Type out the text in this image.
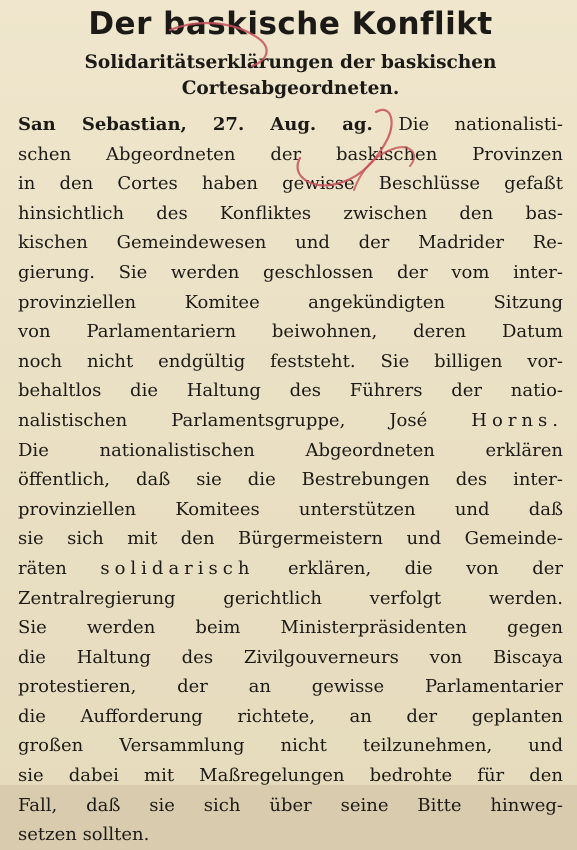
Der baskische Konflikt
Solidaritätserklärungen der baskischen
Cortesabgeordneten.
San Sebastian, 27. Aug. ag. Die nationalisti-
schen Abgeordneten der baskischen Provinzen
in den Cortes haben gewisse Beschlüsse gefaßt
hinsichtlich des Konfliktes zwischen den bas-
kischen Gemeindewesen und der Madrider Re-
gierung. Sie werden geschlossen der vom inter-
provinziellen Komitee angekündigten Sitzung
von Parlamentariern beiwohnen, deren Datum
noch nicht endgültig feststeht. Sie billigen vor-
behaltlos die Haltung des Führers der natio-
nalistischen Parlamentsgruppe, José Horns.
Die nationalistischen Abgeordneten erklären
öffentlich, daß sie die Bestrebungen des inter-
provinziellen Komitees unterstützen und daß
sie sich mit den Bürgermeistern und Gemeinde-
räten solidarisch erklären, die von der
Zentralregierung gerichtlich verfolgt werden.
Sie werden beim Ministerpräsidenten gegen
die Haltung des Zivilgouverneurs von Biscaya
protestieren, der an gewisse Parlamentarier
die Aufforderung richtete, an der geplanten
großen Versammlung nicht teilzunehmen, und
sie dabei mit Maßregelungen bedrohte für den
Fall, daß sie sich über seine Bitte hinweg-
setzen sollten.
